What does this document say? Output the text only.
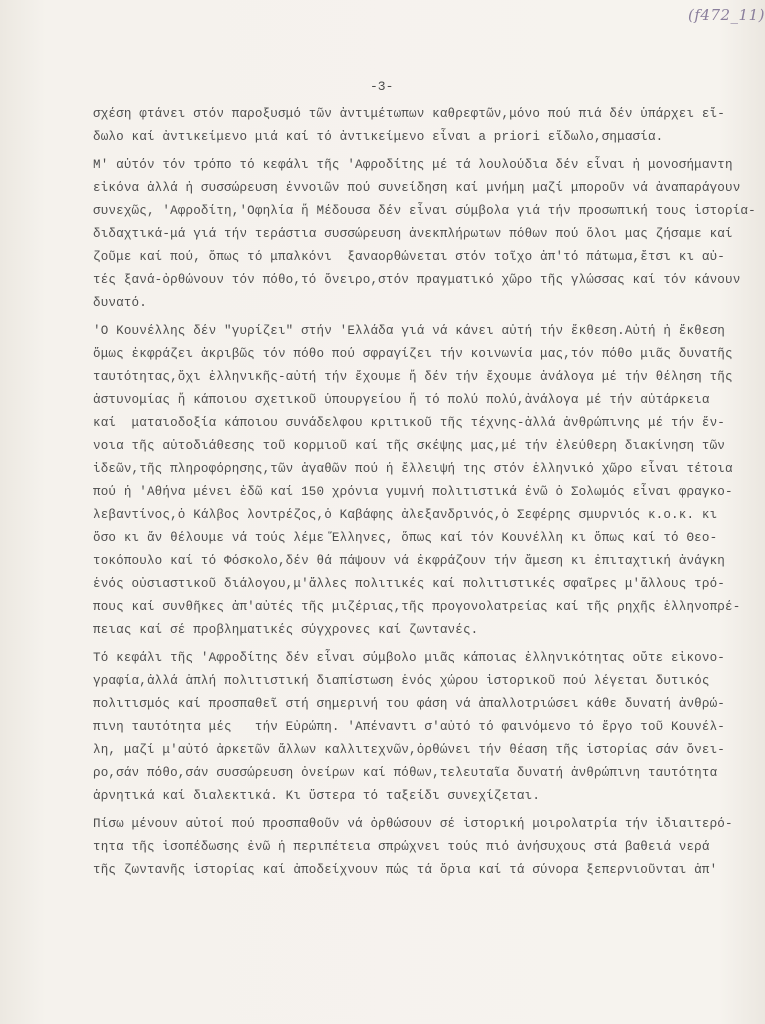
(f472_11)
-3-
σχέση φτάνει στόν παροξυσμό τῶν ἀντιμέτωπων καθρεφτῶν,μόνο πού πιά δέν ὑπάρχει εἴ-
δωλο καί ἀντικείμενο μιά καί τό ἀντικείμενο εἶναι a priori εἴδωλο,σημασία.
Μ' αὐτόν τόν τρόπο τό κεφάλι τῆς 'Αφροδίτης μέ τά λουλούδια δέν εἶναι ἡ μονοσήμαντη
εἰκόνα ἀλλά ἡ συσσώρευση ἐννοιῶν πού συνείδηση καί μνήμη μαζί μποροῦν νά ἀναπαράγουν
συνεχῶς, 'Αφροδίτη,'Οφηλία ἤ Μέδουσα δέν εἶναι σύμβολα γιά τήν προσωπική τους ἱστορία-
διδαχτικά-μά γιά τήν τεράστια συσσώρευση ἀνεκπλήρωτων πόθων πού ὅλοι μας ζήσαμε καί
ζοῦμε καί πού, ὅπως τό μπαλκόνι  ξαναορθώνεται στόν τοῖχο ἀπ'τό πάτωμα,ἔτσι κι αὐ-
τές ξανά-ὀρθώνουν τόν πόθο,τό ὄνειρο,στόν πραγματικό χῶρο τῆς γλώσσας καί τόν κάνουν
δυνατό.
'Ο Κουνέλλης δέν "γυρίζει" στήν 'Ελλάδα γιά νά κάνει αὐτή τήν ἔκθεση.Αὐτή ἡ ἔκθεση
ὅμως ἐκφράζει ἀκριβῶς τόν πόθο πού σφραγίζει τήν κοινωνία μας,τόν πόθο μιᾶς δυνατῆς
ταυτότητας,ὄχι ἑλληνικῆς-αὐτή τήν ἔχουμε ἤ δέν τήν ἔχουμε ἀνάλογα μέ τήν θέληση τῆς
ἀστυνομίας ἤ κάποιου σχετικοῦ ὑπουργείου ἤ τό πολύ πολύ,ἀνάλογα μέ τήν αὐτάρκεια
καί  ματαιοδοξία κάποιου συνάδελφου κριτικοῦ τῆς τέχνης-ἀλλά ἀνθρώπινης μέ τήν ἔν-
νοια τῆς αὐτοδιάθεσης τοῦ κορμιοῦ καί τῆς σκέψης μας,μέ τήν ἐλεύθερη διακίνηση τῶν
ἰδεῶν,τῆς πληροφόρησης,τῶν ἀγαθῶν πού ἡ ἔλλειψή της στόν ἑλληνικό χῶρο εἶναι τέτοια
πού ἡ 'Αθήνα μένει ἐδῶ καί 150 χρόνια γυμνή πολιτιστικά ἐνῶ ὁ Σολωμός εἶναι φραγκο-
λεβαντίνος,ὁ Κάλβος λοντρέζος,ὁ Καβάφης ἀλεξανδρινός,ὁ Σεφέρης σμυρνιός κ.ο.κ. κι
ὅσο κι ἄν θέλουμε νά τούς λέμε Ἕλληνες, ὅπως καί τόν Κουνέλλη κι ὅπως καί τό Θεο-
τοκόπουλο καί τό Φόσκολο,δέν θά πάψουν νά ἐκφράζουν τήν ἄμεση κι ἐπιταχτική ἀνάγκη
ἑνός οὐσιαστικοῦ διάλογου,μ'ἄλλες πολιτικές καί πολιτιστικές σφαῖρες μ'ἄλλους τρό-
πους καί συνθῆκες ἀπ'αὐτές τῆς μιζέριας,τῆς προγονολατρείας καί τῆς ρηχῆς ἑλληνοπρέ-
πειας καί σέ προβληματικές σύγχρονες καί ζωντανές.
Τό κεφάλι τῆς 'Αφροδίτης δέν εἶναι σύμβολο μιᾶς κάποιας ἑλληνικότητας οὔτε εἰκονο-
γραφία,ἀλλά ἁπλή πολιτιστική διαπίστωση ἑνός χώρου ἱστορικοῦ πού λέγεται δυτικός
πολιτισμός καί προσπαθεῖ στή σημερινή του φάση νά ἀπαλλοτριώσει κάθε δυνατή ἀνθρώ-
πινη ταυτότητα μές   τήν Εὐρώπη. 'Απέναντι σ'αὐτό τό φαινόμενο τό ἔργο τοῦ Κουνέλ-
λη, μαζί μ'αὐτό ἀρκετῶν ἄλλων καλλιτεχνῶν,ὀρθώνει τήν θέαση τῆς ἱστορίας σάν ὄνει-
ρο,σάν πόθο,σάν συσσώρευση ὀνείρων καί πόθων,τελευταῖα δυνατή ἀνθρώπινη ταυτότητα
ἀρνητικά καί διαλεκτικά. Κι ὕστερα τό ταξείδι συνεχίζεται.
Πίσω μένουν αὐτοί πού προσπαθοῦν νά ὀρθώσουν σέ ἱστορική μοιρολατρία τήν ἰδιαιτερό-
τητα τῆς ἰσοπέδωσης ἐνῶ ἡ περιπέτεια σπρώχνει τούς πιό ἀνήσυχους στά βαθειά νερά
τῆς ζωντανῆς ἱστορίας καί ἀποδείχνουν πώς τά ὅρια καί τά σύνορα ξεπερνιοῦνται ἀπ'
